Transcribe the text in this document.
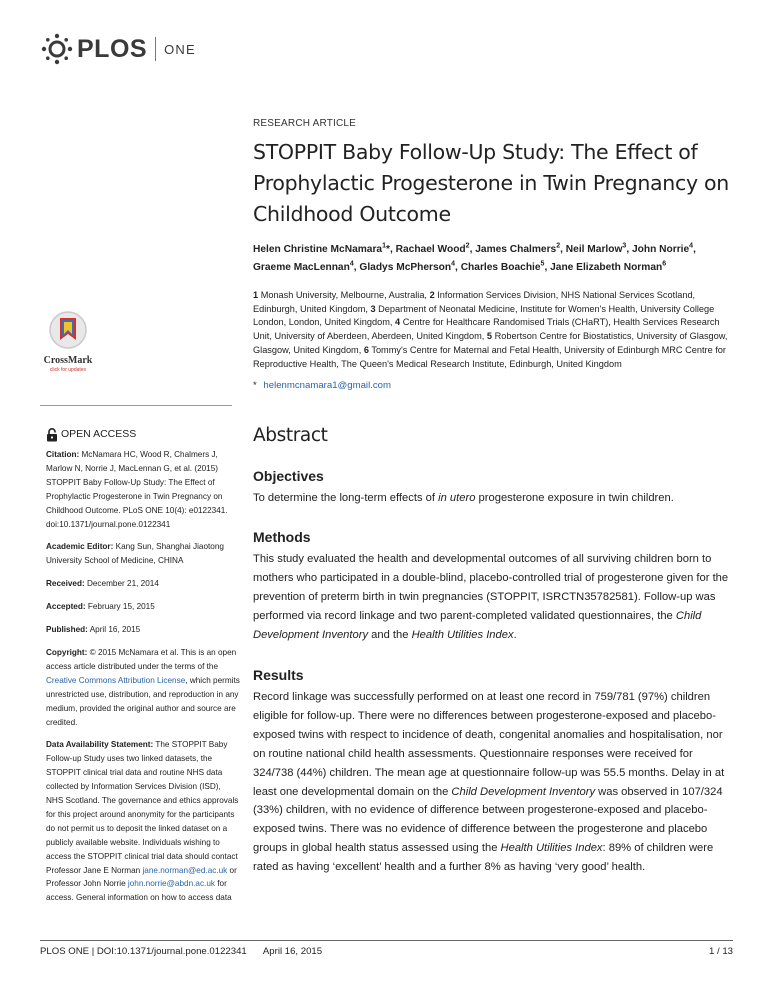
PLOS ONE
CrossMark
click for updates
OPEN ACCESS
Citation: McNamara HC, Wood R, Chalmers J, Marlow N, Norrie J, MacLennan G, et al. (2015) STOPPIT Baby Follow-Up Study: The Effect of Prophylactic Progesterone in Twin Pregnancy on Childhood Outcome. PLoS ONE 10(4): e0122341. doi:10.1371/journal.pone.0122341
Academic Editor: Kang Sun, Shanghai Jiaotong University School of Medicine, CHINA
Received: December 21, 2014
Accepted: February 15, 2015
Published: April 16, 2015
Copyright: © 2015 McNamara et al. This is an open access article distributed under the terms of the Creative Commons Attribution License, which permits unrestricted use, distribution, and reproduction in any medium, provided the original author and source are credited.
Data Availability Statement: The STOPPIT Baby Follow-up Study uses two linked datasets, the STOPPIT clinical trial data and routine NHS data collected by Information Services Division (ISD), NHS Scotland. The governance and ethics approvals for this project around anonymity for the participants do not permit us to deposit the linked dataset on a publicly available website. Individuals wishing to access the STOPPIT clinical trial data should contact Professor Jane E Norman jane.norman@ed.ac.uk or Professor John Norrie john.norrie@abdn.ac.uk for access. General information on how to access data
RESEARCH ARTICLE
STOPPIT Baby Follow-Up Study: The Effect of Prophylactic Progesterone in Twin Pregnancy on Childhood Outcome
Helen Christine McNamara$^1$*, Rachael Wood$^2$, James Chalmers$^2$, Neil Marlow$^3$, John Norrie$^4$, Graeme MacLennan$^4$, Gladys McPherson$^4$, Charles Boachie$^5$, Jane Elizabeth Norman$^6$
1 Monash University, Melbourne, Australia, 2 Information Services Division, NHS National Services Scotland, Edinburgh, United Kingdom, 3 Department of Neonatal Medicine, Institute for Women's Health, University College London, London, United Kingdom, 4 Centre for Healthcare Randomised Trials (CHaRT), Health Services Research Unit, University of Aberdeen, Aberdeen, United Kingdom, 5 Robertson Centre for Biostatistics, University of Glasgow, Glasgow, United Kingdom, 6 Tommy's Centre for Maternal and Fetal Health, University of Edinburgh MRC Centre for Reproductive Health, The Queen's Medical Research Institute, Edinburgh, United Kingdom
* helenmcnamara1@gmail.com
Abstract
Objectives

To determine the long-term effects of in utero progesterone exposure in twin children.

Methods

This study evaluated the health and developmental outcomes of all surviving children born to mothers who participated in a double-blind, placebo-controlled trial of progesterone given for the prevention of preterm birth in twin pregnancies (STOPPIT, ISRCTN35782581). Follow-up was performed via record linkage and two parent-completed validated questionnaires, the Child Development Inventory and the Health Utilities Index.

Results

Record linkage was successfully performed on at least one record in 759/781 (97%) children eligible for follow-up. There were no differences between progesterone-exposed and placebo-exposed twins with respect to incidence of death, congenital anomalies and hospitalisation, nor on routine national child health assessments. Questionnaire responses were received for 324/738 (44%) children. The mean age at questionnaire follow-up was 55.5 months. Delay in at least one developmental domain on the Child Development Inventory was observed in 107/324 (33%) children, with no evidence of difference between progesterone-exposed and placebo-exposed twins. There was no evidence of difference between the progesterone and placebo groups in global health status assessed using the Health Utilities Index: 89% of children were rated as having ‘excellent’ health and a further 8% as having ‘very good’ health.

PLOS ONE | DOI:10.1371/journal.pone.0122341 April 16, 2015	1 / 13
